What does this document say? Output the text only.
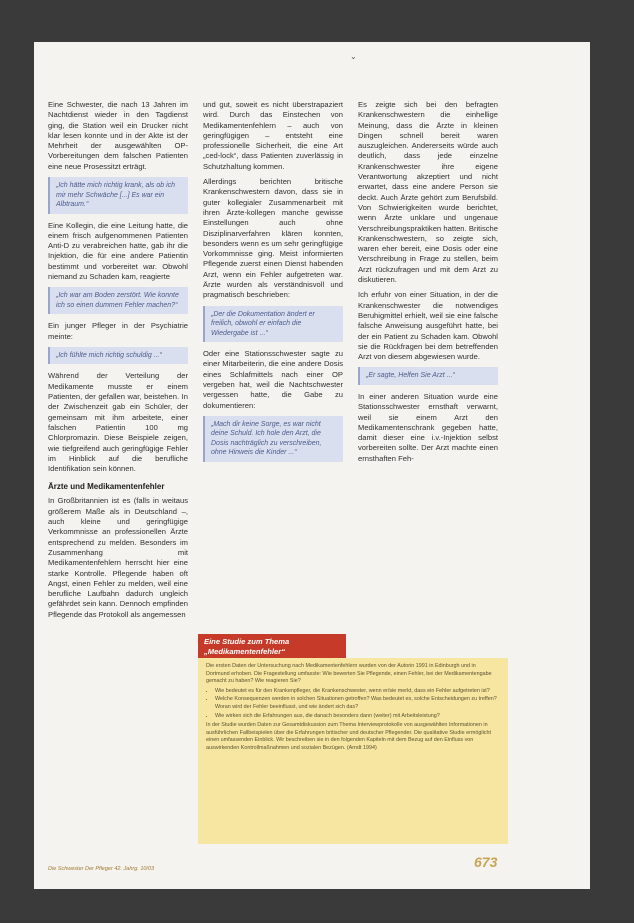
⌄

Eine Schwester, die nach 13 Jahren im Nachtdienst wieder in den Tagdienst ging, die Station weil ein Drucker nicht klar lesen konnte und in der Akte ist der Mehrheit der ausgewählten OP-Vorbereitungen dem falschen Patienten eine neue Prosessitzt erträgt.

„Ich hätte mich richtig krank, als ob ich mir mehr Schwäche [...] Es war ein Albtraum.“

Eine Kollegin, die eine Leitung hatte, die einem frisch aufgenommenen Patienten Anti-D zu verabreichen hatte, gab ihr die Injektion, die für eine andere Patientin bestimmt und vorbereitet war. Obwohl niemand zu Schaden kam, reagierte

„Ich war am Boden zerstört. Wie konnte ich so einen dummen Fehler machen?“

Ein junger Pfleger in der Psychiatrie meinte:

„Ich fühlte mich richtig schuldig ...“

Während der Verteilung der Medikamente musste er einem Patienten, der gefallen war, beistehen. In der Zwischenzeit gab ein Schüler, der gemeinsam mit ihm arbeitete, einer falschen Patientin 100 mg Chlorpromazin. Diese Beispiele zeigen, wie tiefgreifend auch geringfügige Fehler im Hinblick auf die berufliche Identifikation sein können.

Ärzte und Medikamentenfehler

In Großbritannien ist es (falls in weitaus größerem Maße als in Deutschland –, auch kleine und geringfügige Verkommnisse an professionellen Ärzte entsprechend zu melden. Besonders im Zusammenhang mit Medikamentenfehlern herrscht hier eine starke Kontrolle. Pflegende haben oft Angst, einen Fehler zu melden, weil eine berufliche Laufbahn dadurch ungleich gefährdet sein kann. Dennoch empfinden Pflegende das Protokoll als angemessen

und gut, soweit es nicht überstrapaziert wird. Durch das Einstechen von Medikamentenfehlern – auch von geringfügigen – entsteht eine professionelle Sicherheit, die eine Art „ced-lock“, dass Patienten zuverlässig in Schutzhaltung kommen.

Allerdings berichten britische Krankenschwestern davon, dass sie in guter kollegialer Zusammenarbeit mit ihren Ärzte-kollegen manche gewisse Einstellungen auch ohne Disziplinarverfahren klären konnten, besonders wenn es um sehr geringfügige Vorkommnisse ging. Meist informierten Pflegende zuerst einen Dienst habenden Arzt, wenn ein Fehler aufgetreten war. Ärzte wurden als verständnisvoll und pragmatisch beschrieben:

„Der die Dokumentation ändert er freilich, obwohl er einfach die Wiedergabe ist ...“

Oder eine Stationsschwester sagte zu einer Mitarbeiterin, die eine andere Dosis eines Schlafmittels nach einer OP vergeben hat, weil die Nachtschwester vergessen hatte, die Gabe zu dokumentieren:

„Mach dir keine Sorge, es war nicht deine Schuld. Ich hole den Arzt, die Dosis nachträglich zu verschreiben, ohne Hinweis die Kinder ...“

Es zeigte sich bei den befragten Krankenschwestern die einhellige Meinung, dass die Ärzte in kleinen Dingen schnell bereit waren auszugleichen. Andererseits würde auch deutlich, dass jede einzelne Krankenschwester ihre eigene Verantwortung akzeptiert und nicht erwartet, dass eine andere Person sie deckt. Auch Ärzte gehört zum Berufsbild. Von Schwierigkeiten wurde berichtet, wenn Ärzte unklare und ungenaue Verschreibungspraktiken hatten. Britische Krankenschwestern, so zeigte sich, waren eher bereit, eine Dosis oder eine Verschreibung in Frage zu stellen, beim Arzt rückzufragen und mit dem Arzt zu diskutieren.

Ich erfuhr von einer Situation, in der die Krankenschwester die notwendiges Beruhigmittel erhielt, weil sie eine falsche falsche Anweisung ausgeführt hatte, bei der ein Patient zu Schaden kam. Obwohl sie die Rückfragen bei dem betreffenden Arzt von diesem abgewiesen wurde.

„Er sagte, Helfen Sie Arzt ...“

In einer anderen Situation wurde eine Stationsschwester ernsthaft verwarnt, weil sie einem Arzt den Medikamentenschrank gegeben hatte, damit dieser eine i.v.-Injektion selbst vorbereiten sollte. Der Arzt machte einen ernsthaften Feh-

Eine Studie zum Thema „Medikamentenfehler“

Die ersten Daten der Untersuchung nach Medikamentenfehlern wurden von der Autorin 1991 in Edinburgh und in Dortmund erhoben. Die Fragestellung umfasste: Wie bewerten Sie Pflegende, einen Fehler, bei der Medikamentengabe gemacht zu haben? Wie reagieren Sie?

• Wie bedeutet es für den Krankenpfleger, die Krankenschwester, wenn er/sie merkt, dass ein Fehler aufgetreten ist?
• Welche Konsequenzen werden in solchen Situationen getroffen? Was bedeutet es, solche Entscheidungen zu treffen? Woran wird der Fehler beeinflusst, und wie ändert sich das?
• Wie wirken sich die Erfahrungen aus, die danach besonders dann (weiter) mit Arbeitsleistung?

In der Studie wurden Daten zur Gesamtdiskussion zum Thema Interviewprotokolle von ausgewählten Informationen in ausführlichen Fallbeispielen über die Erfahrungen britischer und deutscher Pflegender. Die qualitative Studie ermöglicht einen umfassenden Einblick. Wir beschreiben sie in den folgenden Kapiteln mit dem Bezug auf den Einfluss von auswirkenden Kontrollmaßnahmen und sozialen Bezügen. (Arndt 1994)

Die Schwester Der Pfleger 42. Jahrg. 10/03	673
